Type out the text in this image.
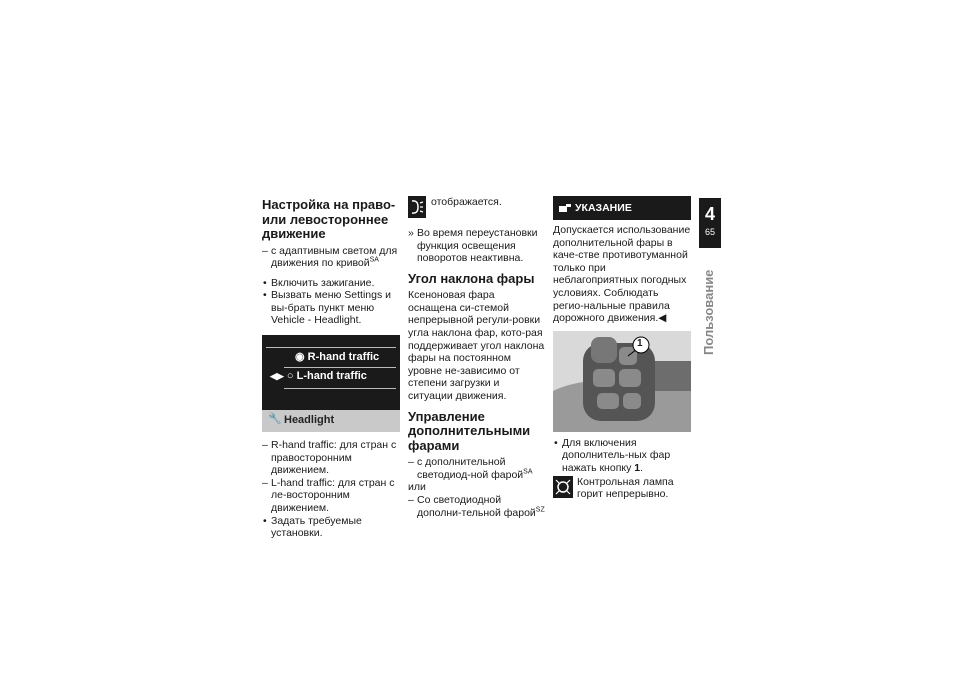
Настройка на право- или левостороннее движение

– с адаптивным светом для движения по кривой$^{SA}$

• Включить зажигание.

• Вызвать меню Settings и вы-брать пункт меню Vehicle - Headlight.

◉ R-hand traffic
◀▶ ○ L-hand traffic
🔧 Headlight

– R-hand traffic: для стран с правосторонним движением.

– L-hand traffic: для стран с ле-восторонним движением.

• Задать требуемые установки.

отображается.

» Во время переустановки функция освещения поворотов неактивна.

Угол наклона фары

Ксеноновая фара оснащена си-стемой непрерывной регули-ровки угла наклона фар, кото-рая поддерживает угол наклона фары на постоянном уровне не-зависимо от степени загрузки и ситуации движения.

Управление дополнительными фарами

– с дополнительной светодиод-ной фарой$^{SA}$

или

– Со светодиодной дополни-тельной фарой$^{SZ}$

УКАЗАНИЕ

Допускается использование дополнительной фары в каче-стве противотуманной только при неблагоприятных погодных условиях. Соблюдать регио-нальные правила дорожного движения.◀

1

• Для включения дополнитель-ных фар нажать кнопку 1.

Контрольная лампа горит непрерывно.

4
65
Пользование
